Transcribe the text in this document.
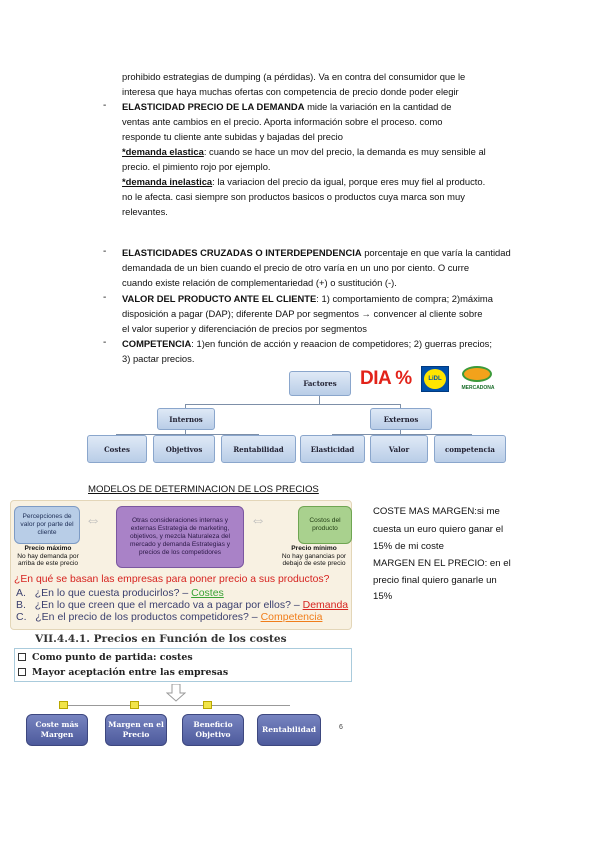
prohibido estrategias de dumping (a pérdidas). Va en contra del consumidor que le
interesa que haya muchas ofertas con competencia de precio donde poder elegir
- ELASTICIDAD PRECIO DE LA DEMANDA mide la variación en la cantidad de
ventas ante cambios en el precio. Aporta información sobre el proceso. como
responde tu cliente ante subidas y bajadas del precio
*demanda elastica: cuando se hace un mov del precio, la demanda es muy sensible al
precio. el pimiento rojo por ejemplo.
*demanda inelastica: la variacion del precio da igual, porque eres muy fiel al producto.
no le afecta. casi siempre son productos basicos o productos cuya marca son muy
relevantes.
- ELASTICIDADES CRUZADAS O INTERDEPENDENCIA porcentaje en que varía la cantidad
demandada de un bien cuando el precio de otro varía en un uno por ciento. O curre
cuando existe relación de complementariedad (+) o sustitución (-).
- VALOR DEL PRODUCTO ANTE EL CLIENTE: 1) comportamiento de compra; 2)máxima
disposición a pagar (DAP); diferente DAP por segmentos → convencer al cliente sobre
el valor superior y diferenciación de precios por segmentos
- COMPETENCIA: 1)en función de acción y reaacion de competidores; 2) guerras precios;
3) pactar precios.
Factores
Internos	Externos
Costes	Objetivos	Rentabilidad	Elasticidad	Valor	competencia
DIA %	LiDL
MERCADONA
MODELOS DE DETERMINACION DE LOS PRECIOS
Percepciones de valor por parte del cliente
⇔	Otras consideraciones internas y externas Estrategia de marketing, objetivos, y mezcla Naturaleza del mercado y demanda Estrategias y precios de los competidores
⇔	Costos del producto
Precio máximo
No hay demanda por arriba de este precio
Precio mínimo
No hay ganancias por debajo de este precio
¿En qué se basan las empresas para poner precio a sus productos?
A. ¿En lo que cuesta producirlos? – Costes
B. ¿En lo que creen que el mercado va a pagar por ellos? – Demanda
C. ¿En el precio de los productos competidores? – Competencia
VII.4.4.1. Precios en Función de los costes
Como punto de partida: costes
Mayor aceptación entre las empresas
Coste más Margen
Margen en el Precio
Beneficio Objetivo
Rentabilidad	6
COSTE MAS MARGEN:si me
cuesta un euro quiero ganar el
15% de mi coste
MARGEN EN EL PRECIO: en el
precio final quiero ganarle un
15%
